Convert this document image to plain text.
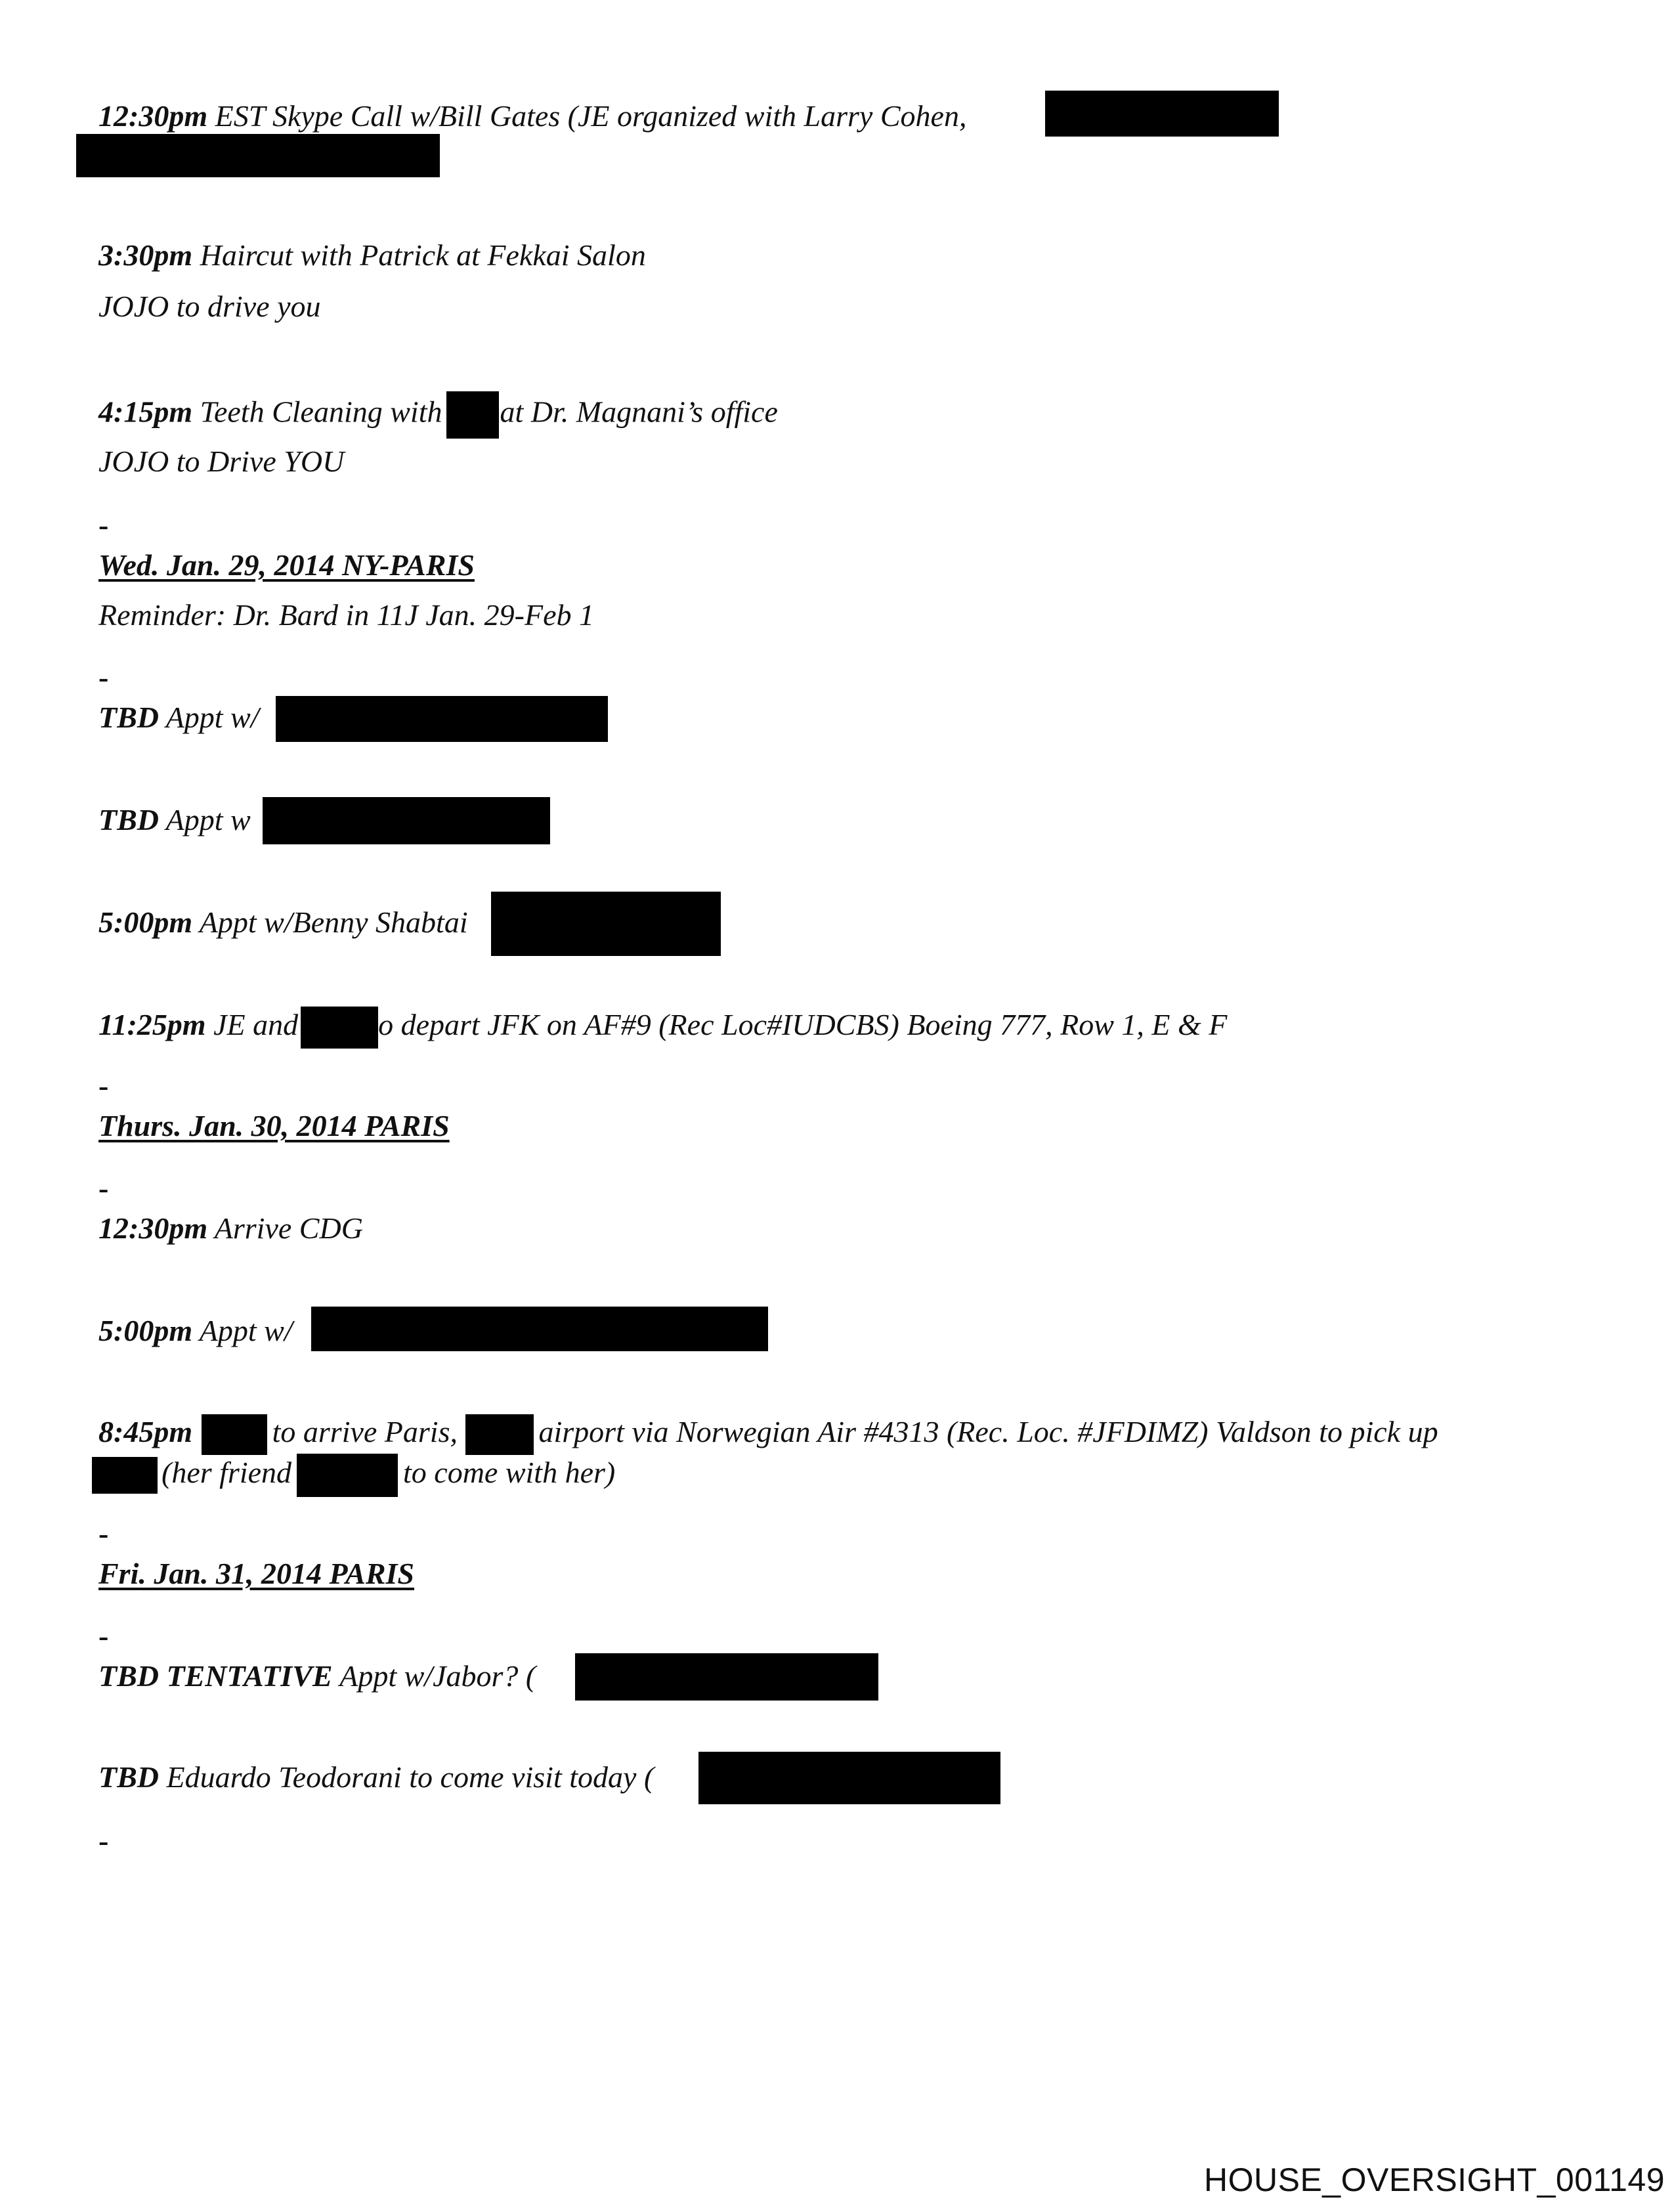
12:30pm EST Skype Call w/Bill Gates (JE organized with Larry Cohen,
3:30pm Haircut with Patrick at Fekkai Salon
JOJO to drive you
4:15pm Teeth Cleaning with at Dr. Magnani’s office
JOJO to Drive YOU
-
Wed. Jan. 29, 2014 NY-PARIS
Reminder: Dr. Bard in 11J Jan. 29-Feb 1
-
TBD Appt w/
TBD Appt w
5:00pm Appt w/Benny Shabtai
11:25pm JE and	o depart JFK on AF#9 (Rec Loc#IUDCBS) Boeing 777, Row 1, E & F
-
Thurs. Jan. 30, 2014 PARIS
-
12:30pm Arrive CDG
5:00pm Appt w/
8:45pm	to arrive Paris,	airport via Norwegian Air #4313 (Rec. Loc. #JFDIMZ) Valdson to pick up
(her friend	to come with her)
-
Fri. Jan. 31, 2014 PARIS
-
TBD TENTATIVE Appt w/Jabor? (
TBD Eduardo Teodorani to come visit today (
-
HOUSE_OVERSIGHT_001149
